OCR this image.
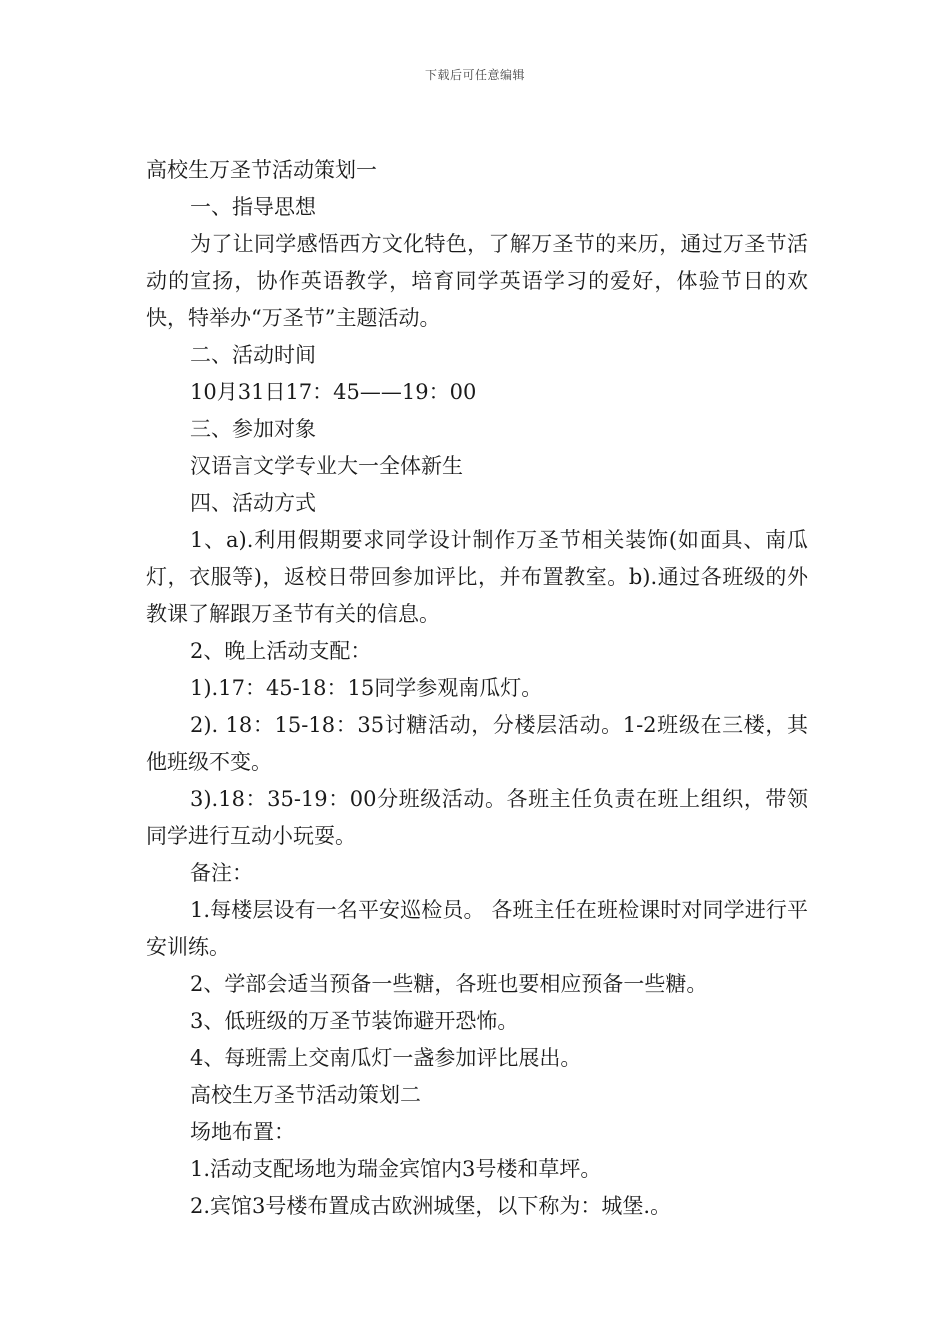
下载后可任意编辑

高校生万圣节活动策划一

一、指导思想

为了让同学感悟西方文化特色，了解万圣节的来历，通过万圣节活动的宣扬，协作英语教学，培育同学英语学习的爱好，体验节日的欢快，特举办“万圣节”主题活动。

二、活动时间

10月31日17：45——19：00

三、参加对象

汉语言文学专业大一全体新生

四、活动方式

1、a).利用假期要求同学设计制作万圣节相关装饰(如面具、南瓜灯，衣服等)，返校日带回参加评比，并布置教室。b).通过各班级的外教课了解跟万圣节有关的信息。

2、晚上活动支配：

1).17：45-18：15同学参观南瓜灯。

2). 18：15-18：35讨糖活动，分楼层活动。1-2班级在三楼，其他班级不变。

3).18：35-19：00分班级活动。各班主任负责在班上组织，带领同学进行互动小玩耍。

备注：

1.每楼层设有一名平安巡检员。 各班主任在班检课时对同学进行平安训练。

2、学部会适当预备一些糖，各班也要相应预备一些糖。

3、低班级的万圣节装饰避开恐怖。

4、每班需上交南瓜灯一盏参加评比展出。

高校生万圣节活动策划二

场地布置：

1.活动支配场地为瑞金宾馆内3号楼和草坪。

2.宾馆3号楼布置成古欧洲城堡，以下称为：城堡.。
